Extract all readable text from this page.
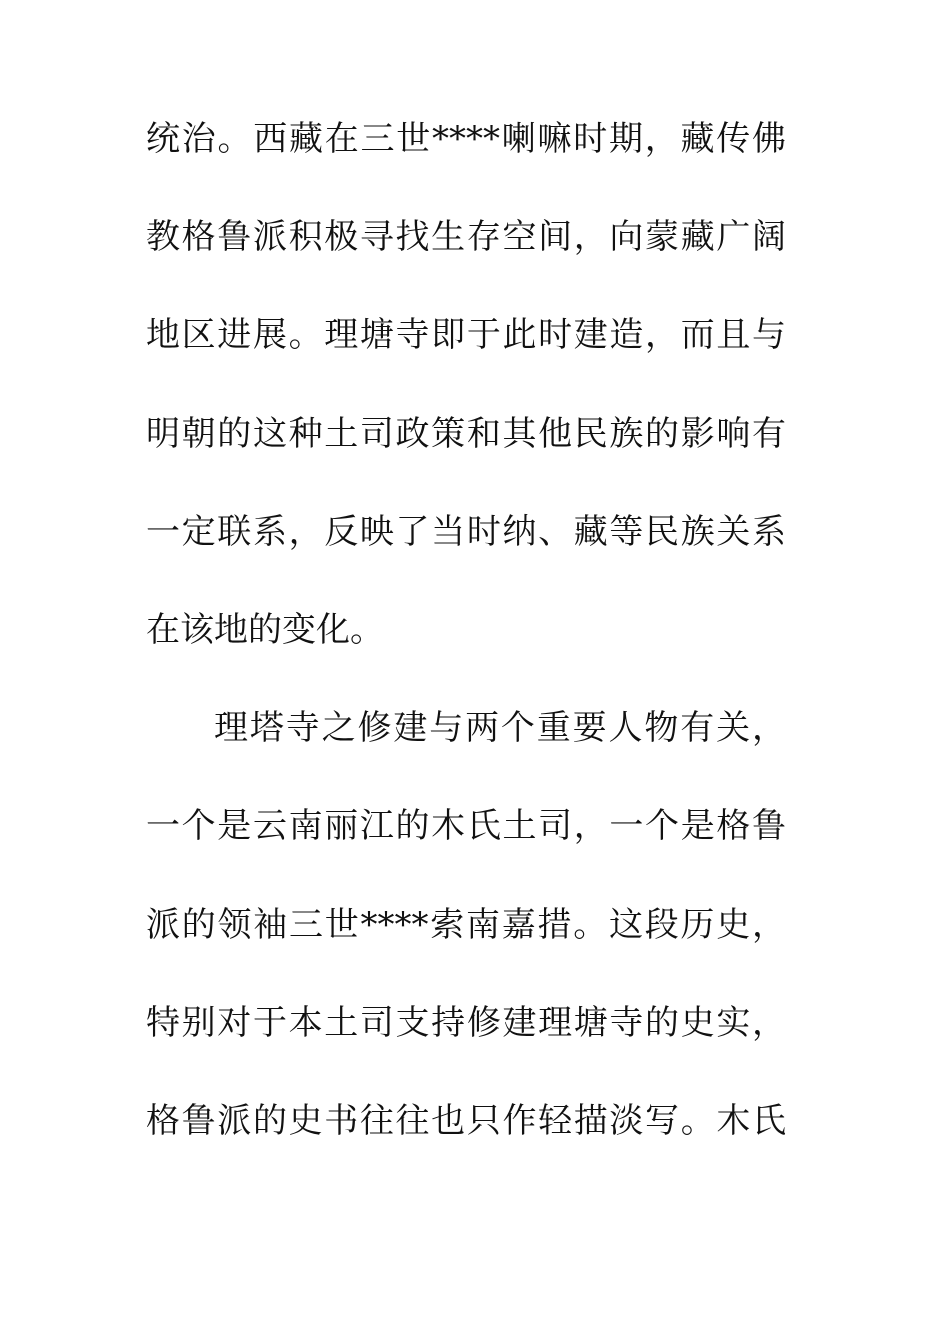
统治。西藏在三世****喇嘛时期，藏传佛
教格鲁派积极寻找生存空间，向蒙藏广阔
地区进展。理塘寺即于此时建造，而且与
明朝的这种土司政策和其他民族的影响有
一定联系，反映了当时纳、藏等民族关系
在该地的变化。
理塔寺之修建与两个重要人物有关，
一个是云南丽江的木氏土司，一个是格鲁
派的领袖三世****索南嘉措。这段历史，
特别对于本土司支持修建理塘寺的史实，
格鲁派的史书往往也只作轻描淡写。木氏
